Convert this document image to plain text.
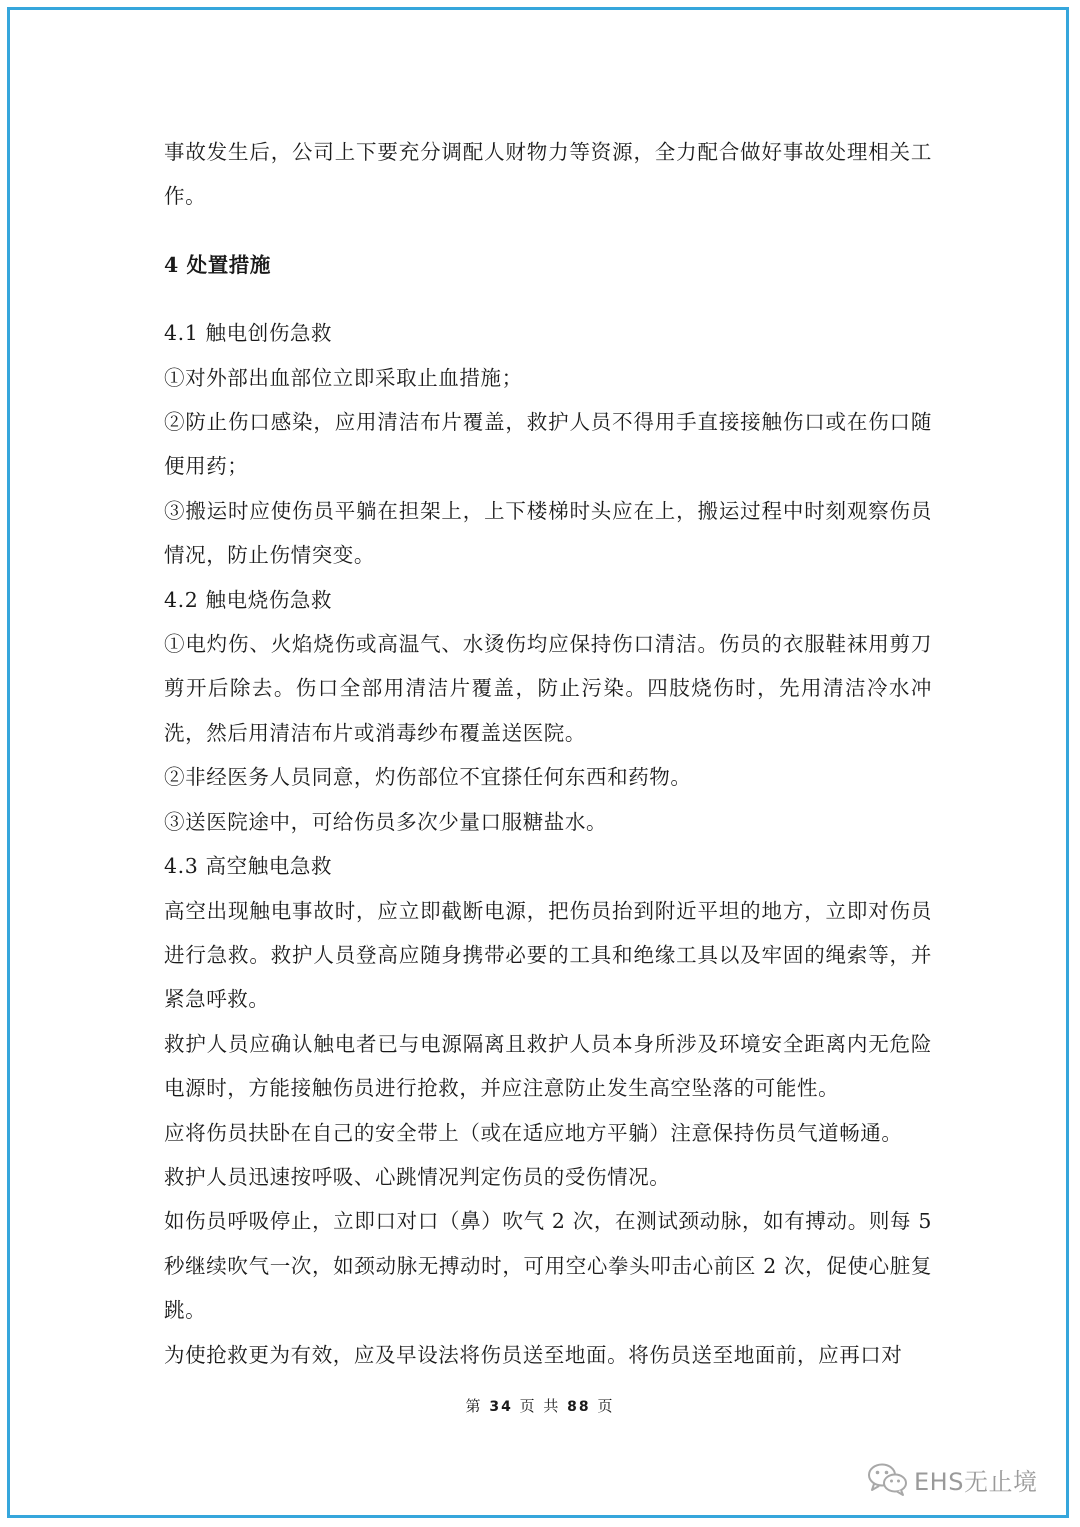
事故发生后，公司上下要充分调配人财物力等资源，全力配合做好事故处理相关工作。

4 处置措施

4.1 触电创伤急救

①对外部出血部位立即采取止血措施；

②防止伤口感染，应用清洁布片覆盖，救护人员不得用手直接接触伤口或在伤口随便用药；

③搬运时应使伤员平躺在担架上，上下楼梯时头应在上，搬运过程中时刻观察伤员情况，防止伤情突变。

4.2 触电烧伤急救

①电灼伤、火焰烧伤或高温气、水烫伤均应保持伤口清洁。伤员的衣服鞋袜用剪刀剪开后除去。伤口全部用清洁片覆盖，防止污染。四肢烧伤时，先用清洁冷水冲洗，然后用清洁布片或消毒纱布覆盖送医院。

②非经医务人员同意，灼伤部位不宜搽任何东西和药物。

③送医院途中，可给伤员多次少量口服糖盐水。

4.3 高空触电急救

高空出现触电事故时，应立即截断电源，把伤员抬到附近平坦的地方，立即对伤员进行急救。救护人员登高应随身携带必要的工具和绝缘工具以及牢固的绳索等，并紧急呼救。

救护人员应确认触电者已与电源隔离且救护人员本身所涉及环境安全距离内无危险电源时，方能接触伤员进行抢救，并应注意防止发生高空坠落的可能性。

应将伤员扶卧在自己的安全带上（或在适应地方平躺）注意保持伤员气道畅通。

救护人员迅速按呼吸、心跳情况判定伤员的受伤情况。

如伤员呼吸停止，立即口对口（鼻）吹气 2 次，在测试颈动脉，如有搏动。则每 5 秒继续吹气一次，如颈动脉无搏动时，可用空心拳头叩击心前区 2 次，促使心脏复跳。

为使抢救更为有效，应及早设法将伤员送至地面。将伤员送至地面前，应再口对

第 34 页 共 88 页
EHS无止境
